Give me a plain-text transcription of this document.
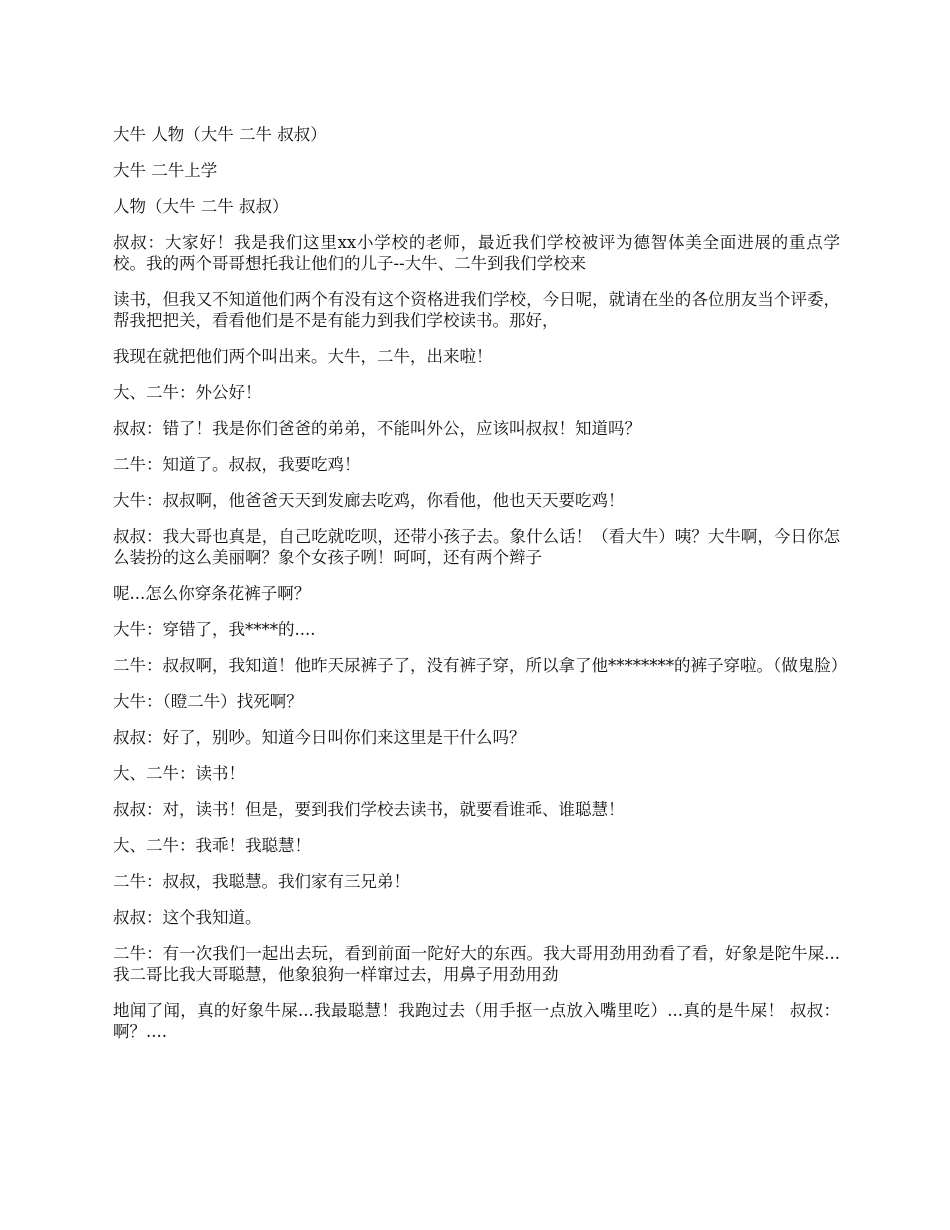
大牛 人物（大牛 二牛 叔叔）

大牛 二牛上学

人物（大牛 二牛 叔叔）

叔叔：大家好！我是我们这里xx小学校的老师，最近我们学校被评为德智体美全面进展的重点学校。我的两个哥哥想托我让他们的儿子--大牛、二牛到我们学校来

读书，但我又不知道他们两个有没有这个资格进我们学校，今日呢，就请在坐的各位朋友当个评委，帮我把把关，看看他们是不是有能力到我们学校读书。那好，

我现在就把他们两个叫出来。大牛，二牛，出来啦！

大、二牛：外公好！

叔叔：错了！我是你们爸爸的弟弟，不能叫外公，应该叫叔叔！知道吗？

二牛：知道了。叔叔，我要吃鸡！

大牛：叔叔啊，他爸爸天天到发廊去吃鸡，你看他，他也天天要吃鸡！

叔叔：我大哥也真是，自己吃就吃呗，还带小孩子去。象什么话！（看大牛）咦？大牛啊，今日你怎么装扮的这么美丽啊？象个女孩子咧！呵呵，还有两个辫子

呢...怎么你穿条花裤子啊？

大牛：穿错了，我****的....

二牛：叔叔啊，我知道！他昨天尿裤子了，没有裤子穿，所以拿了他********的裤子穿啦。（做鬼脸）

大牛：（瞪二牛）找死啊？

叔叔：好了，别吵。知道今日叫你们来这里是干什么吗？

大、二牛：读书！

叔叔：对，读书！但是，要到我们学校去读书，就要看谁乖、谁聪慧！

大、二牛：我乖！我聪慧！

二牛：叔叔，我聪慧。我们家有三兄弟！

叔叔：这个我知道。

二牛：有一次我们一起出去玩，看到前面一陀好大的东西。我大哥用劲用劲看了看，好象是陀牛屎...我二哥比我大哥聪慧，他象狼狗一样窜过去，用鼻子用劲用劲

地闻了闻，真的好象牛屎...我最聪慧！我跑过去（用手抠一点放入嘴里吃）...真的是牛屎！ 叔叔：啊？....
